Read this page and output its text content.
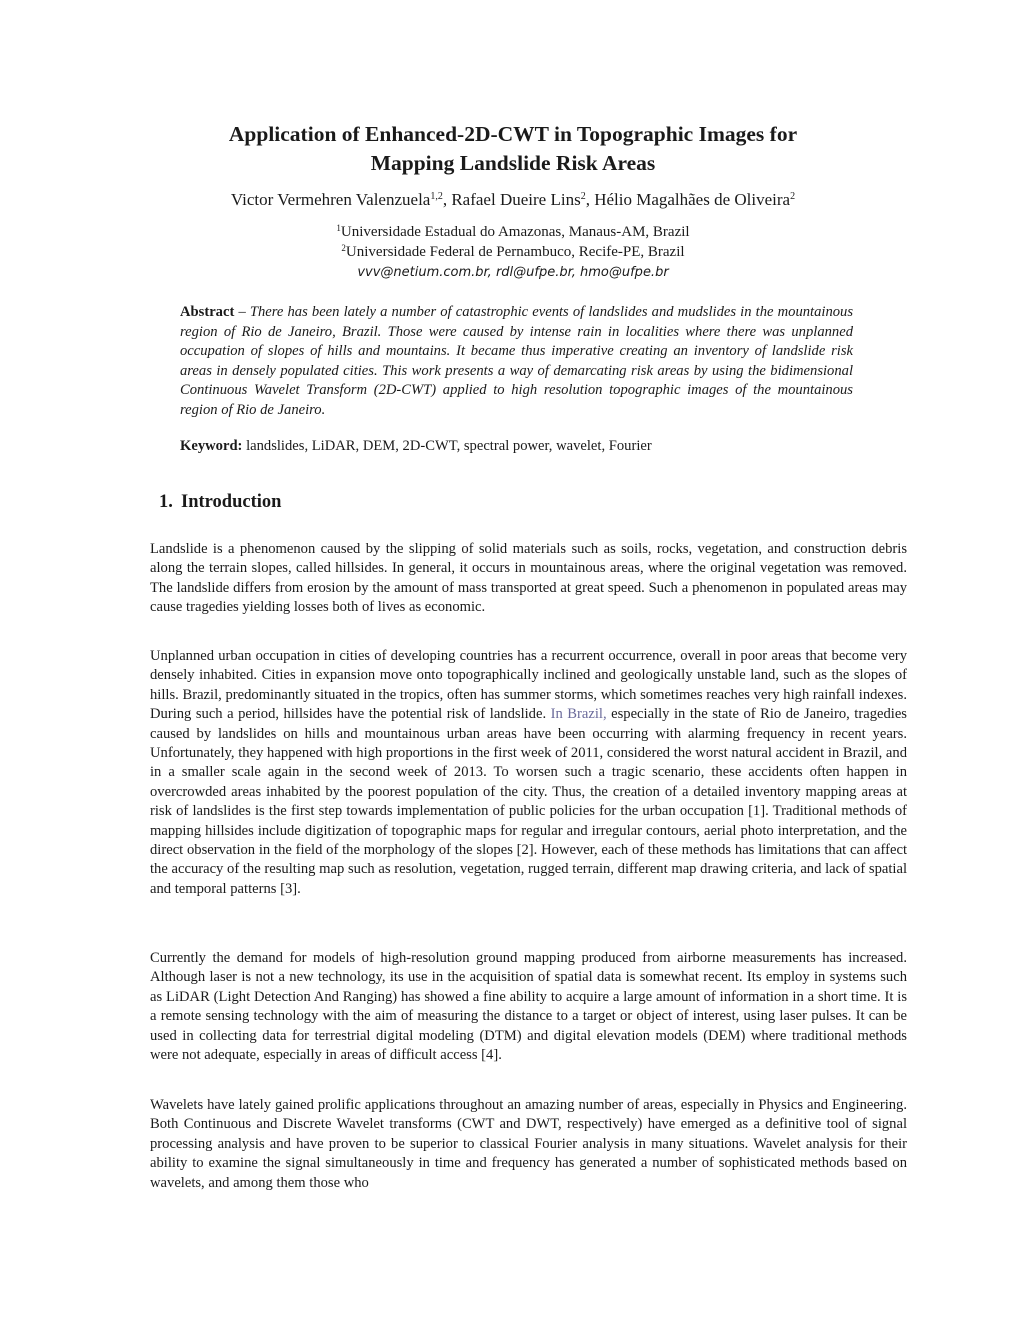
Application of Enhanced-2D-CWT in Topographic Images for
Mapping Landslide Risk Areas
Victor Vermehren Valenzuela$^{1,2}$, Rafael Dueire Lins$^2$, Hélio Magalhães de Oliveira$^2$
$^1$Universidade Estadual do Amazonas, Manaus-AM, Brazil
$^2$Universidade Federal de Pernambuco, Recife-PE, Brazil
vvv@netium.com.br, rdl@ufpe.br, hmo@ufpe.br
Abstract – There has been lately a number of catastrophic events of landslides and mudslides in the mountainous region of Rio de Janeiro, Brazil. Those were caused by intense rain in localities where there was unplanned occupation of slopes of hills and mountains. It became thus imperative creating an inventory of landslide risk areas in densely populated cities. This work presents a way of demarcating risk areas by using the bidimensional Continuous Wavelet Transform (2D-CWT) applied to high resolution topographic images of the mountainous region of Rio de Janeiro.
Keyword: landslides, LiDAR, DEM, 2D-CWT, spectral power, wavelet, Fourier
1. Introduction

Landslide is a phenomenon caused by the slipping of solid materials such as soils, rocks, vegetation, and construction debris along the terrain slopes, called hillsides. In general, it occurs in mountainous areas, where the original vegetation was removed. The landslide differs from erosion by the amount of mass transported at great speed. Such a phenomenon in populated areas may cause tragedies yielding losses both of lives as economic.

Unplanned urban occupation in cities of developing countries has a recurrent occurrence, overall in poor areas that become very densely inhabited. Cities in expansion move onto topographically inclined and geologically unstable land, such as the slopes of hills. Brazil, predominantly situated in the tropics, often has summer storms, which sometimes reaches very high rainfall indexes. During such a period, hillsides have the potential risk of landslide. In Brazil, especially in the state of Rio de Janeiro, tragedies caused by landslides on hills and mountainous urban areas have been occurring with alarming frequency in recent years. Unfortunately, they happened with high proportions in the first week of 2011, considered the worst natural accident in Brazil, and in a smaller scale again in the second week of 2013. To worsen such a tragic scenario, these accidents often happen in overcrowded areas inhabited by the poorest population of the city. Thus, the creation of a detailed inventory mapping areas at risk of landslides is the first step towards implementation of public policies for the urban occupation [1]. Traditional methods of mapping hillsides include digitization of topographic maps for regular and irregular contours, aerial photo interpretation, and the direct observation in the field of the morphology of the slopes [2]. However, each of these methods has limitations that can affect the accuracy of the resulting map such as resolution, vegetation, rugged terrain, different map drawing criteria, and lack of spatial and temporal patterns [3].

Currently the demand for models of high-resolution ground mapping produced from airborne measurements has increased. Although laser is not a new technology, its use in the acquisition of spatial data is somewhat recent. Its employ in systems such as LiDAR (Light Detection And Ranging) has showed a fine ability to acquire a large amount of information in a short time. It is a remote sensing technology with the aim of measuring the distance to a target or object of interest, using laser pulses. It can be used in collecting data for terrestrial digital modeling (DTM) and digital elevation models (DEM) where traditional methods were not adequate, especially in areas of difficult access [4].

Wavelets have lately gained prolific applications throughout an amazing number of areas, especially in Physics and Engineering. Both Continuous and Discrete Wavelet transforms (CWT and DWT, respectively) have emerged as a definitive tool of signal processing analysis and have proven to be superior to classical Fourier analysis in many situations. Wavelet analysis for their ability to examine the signal simultaneously in time and frequency has generated a number of sophisticated methods based on wavelets, and among them those who
